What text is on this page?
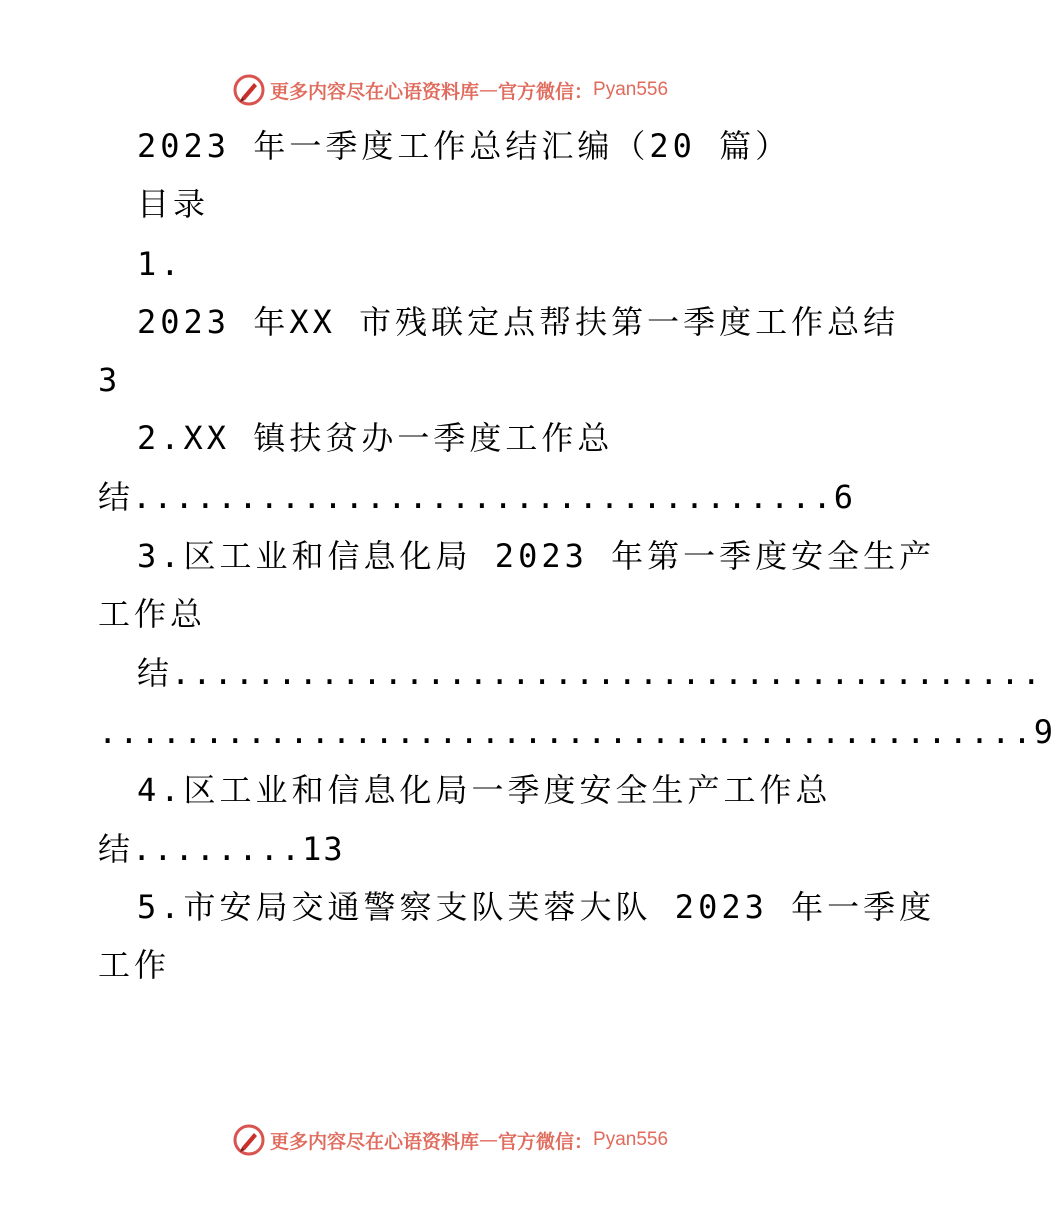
更多内容尽在心语资料库 — 官方微信： Pyan556
2023 年一季度工作总结汇编（20 篇）
目录
1.
2023 年XX 市残联定点帮扶第一季度工作总结
3
2.XX 镇扶贫办一季度工作总
结.................................6
3.区工业和信息化局 2023 年第一季度安全生产
工作总
结.........................................
............................................9
4.区工业和信息化局一季度安全生产工作总
结........13
5.市安局交通警察支队芙蓉大队 2023 年一季度
工作
更多内容尽在心语资料库 — 官方微信： Pyan556
